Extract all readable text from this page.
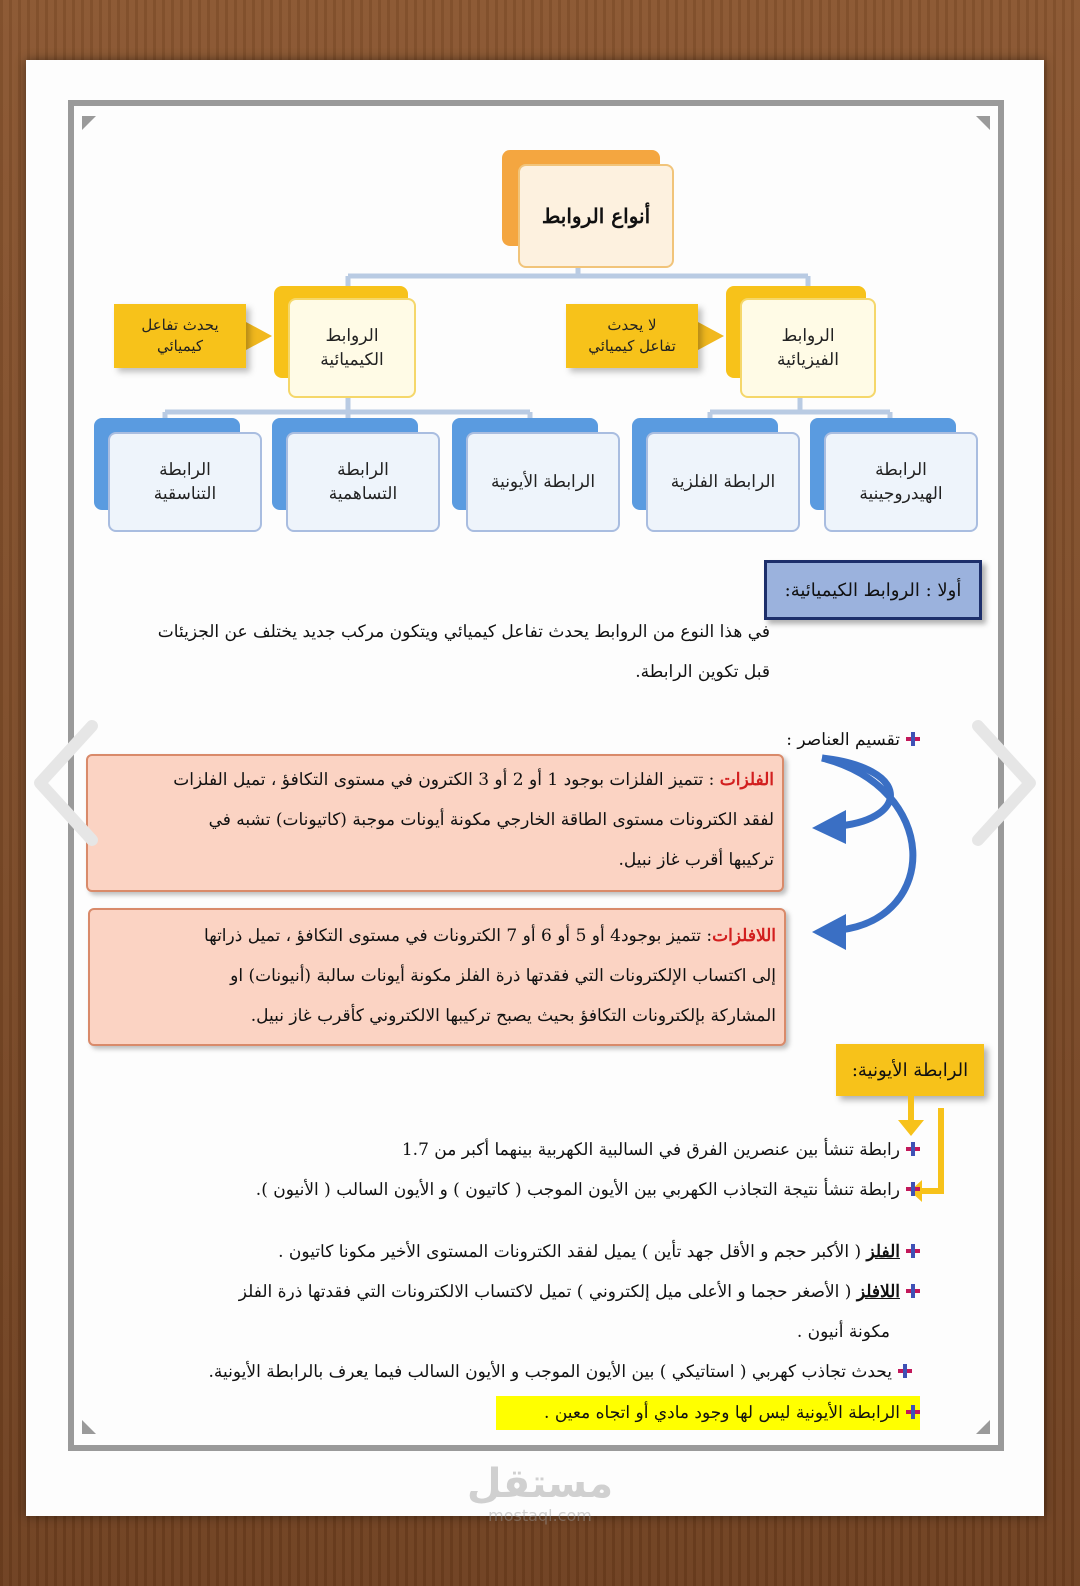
أنواع الروابط
الروابط
الكيميائية
يحدث تفاعل
كيميائي	الروابط
الفيزيائية
لا يحدث
تفاعل كيميائي
الرابطة
التناسقية
الرابطة
التساهمية
الرابطة الأيونية	الرابطة الفلزية
الرابطة
الهيدروجينية
أولا : الروابط الكيميائية:
في هذا النوع من الروابط يحدث تفاعل كيميائي ويتكون مركب جديد يختلف عن الجزيئات
قبل تكوين الرابطة.
تقسيم العناصر :
الفلزات : تتميز الفلزات بوجود 1 أو 2 أو 3 الكترون في مستوى التكافؤ ، تميل الفلزات
لفقد الكترونات مستوى الطاقة الخارجي مكونة أيونات موجبة (كاتيونات) تشبه في
تركيبها أقرب غاز نبيل.
اللافلزات: تتميز بوجود4 أو 5 أو 6 أو 7 الكترونات في مستوى التكافؤ ، تميل ذراتها
إلى اكتساب الإلكترونات التي فقدتها ذرة الفلز مكونة أيونات سالبة (أنيونات) او
المشاركة بإلكترونات التكافؤ بحيث يصبح تركيبها الالكتروني كأقرب غاز نبيل.
الرابطة الأيونية:
رابطة تنشأ بين عنصرين الفرق في السالبية الكهربية بينهما أكبر من 1.7
رابطة تنشأ نتيجة التجاذب الكهربي بين الأيون الموجب ( كاتيون ) و الأيون السالب ( الأنيون ).
الفلز ( الأكبر حجم و الأقل جهد تأين ) يميل لفقد الكترونات المستوى الأخير مكونا كاتيون .
اللافلز ( الأصغر حجما و الأعلى ميل إلكتروني ) تميل لاكتساب الالكترونات التي فقدتها ذرة الفلز
مكونة أنيون .
يحدث تجاذب كهربي ( استاتيكي ) بين الأيون الموجب و الأيون السالب فيما يعرف بالرابطة الأيونية.
الرابطة الأيونية ليس لها وجود مادي أو اتجاه معين .
مستقل
mostaql.com
